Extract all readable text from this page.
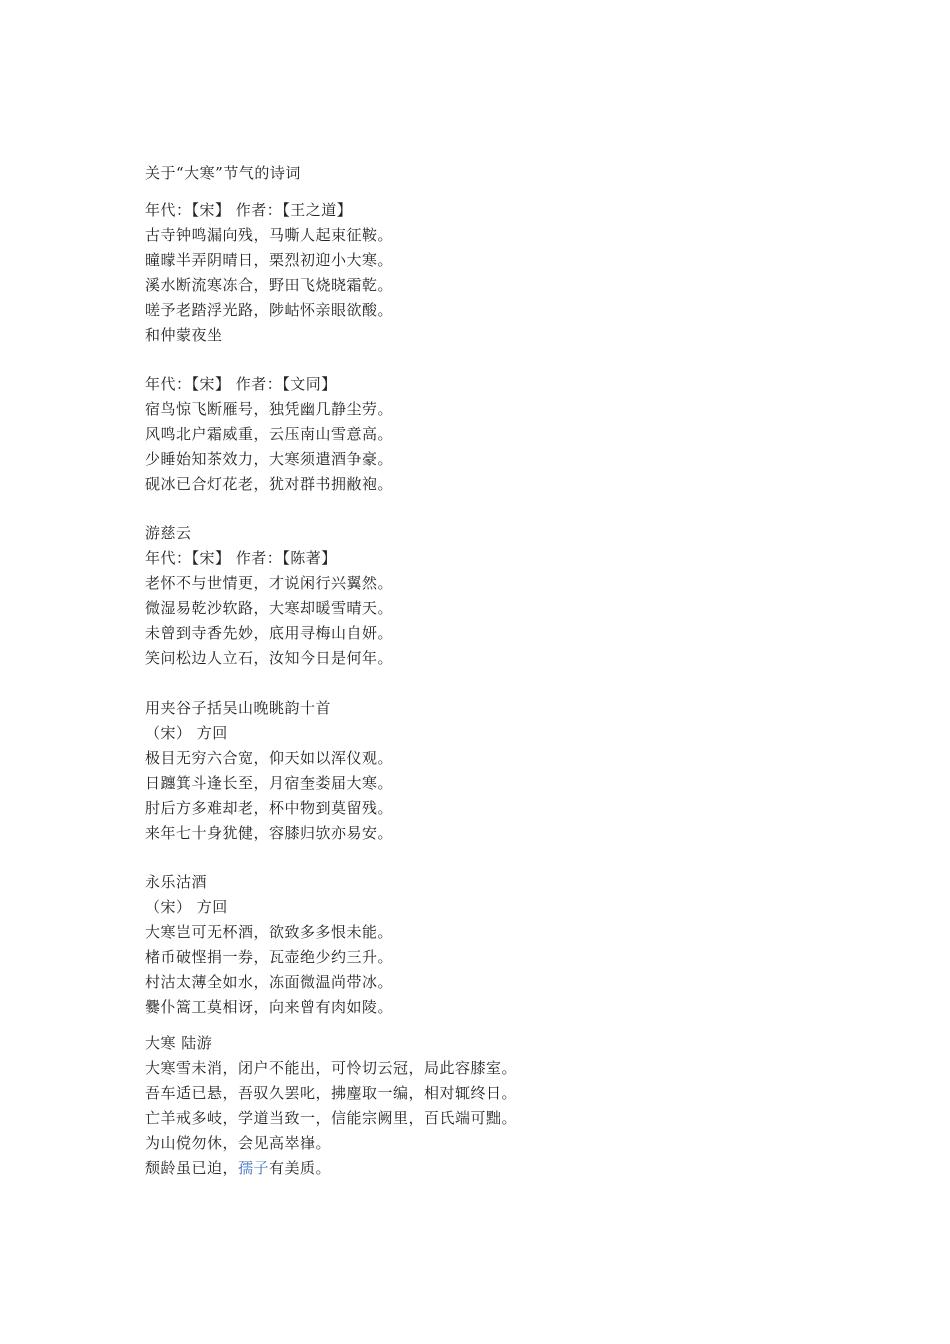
关于“大寒”节气的诗词
年代：【宋】 作者：【王之道】
古寺钟鸣漏向残，马嘶人起束征鞍。
曈曚半弄阴晴日，栗烈初迎小大寒。
溪水断流寒冻合，野田飞烧晓霜乾。
嗟予老踏浮光路，陟岵怀亲眼欲酸。
和仲蒙夜坐
年代：【宋】 作者：【文同】
宿鸟惊飞断雁号，独凭幽几静尘劳。
风鸣北户霜威重，云压南山雪意高。
少睡始知茶效力，大寒须遣酒争豪。
砚冰已合灯花老，犹对群书拥敝袍。
游慈云
年代：【宋】 作者：【陈著】
老怀不与世情更，才说闲行兴翼然。
微湿易乾沙软路，大寒却暖雪晴天。
未曾到寺香先妙，底用寻梅山自妍。
笑问松边人立石，汝知今日是何年。
用夹谷子括吴山晚眺韵十首
（宋） 方回
极目无穷六合宽，仰天如以浑仪观。
日躔箕斗逢长至，月宿奎娄届大寒。
肘后方多难却老，杯中物到莫留残。
来年七十身犹健，容膝归欤亦易安。
永乐沽酒
（宋） 方回
大寒岂可无杯酒，欲致多多恨未能。
楮币破悭捐一券，瓦壶绝少约三升。
村沽太薄全如水，冻面微温尚带冰。
爨仆篙工莫相讶，向来曾有肉如陵。
大寒 陆游
大寒雪未消，闭户不能出，可怜切云冠，局此容膝室。
吾车适已悬，吾驭久罢叱，拂麈取一编，相对辄终日。
亡羊戒多岐，学道当致一，信能宗阙里，百氏端可黜。
为山傥勿休，会见高崒嵂。
颓龄虽已迫，孺子有美质。
